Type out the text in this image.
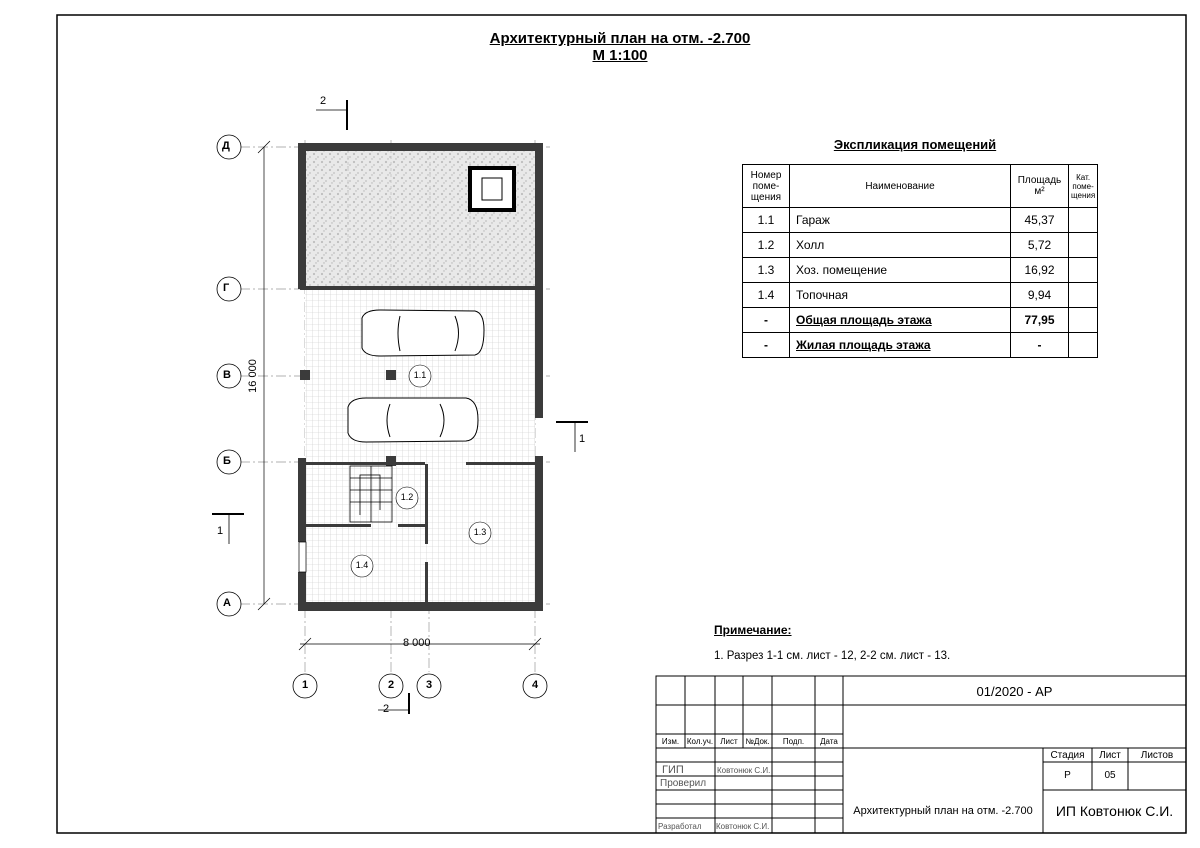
Архитектурный план на отм. -2.700
М 1:100
Д
Г
В
Б
А
1	2	3	4
8 000
16 000	1.1
1.2
1.3
1.4
2
2
1
1
Экспликация помещений
Номер поме-щения	Наименование	Площадь м²	Кат. поме-щения
1.1	Гараж	45,37	
1.2	Холл	5,72	
1.3	Хоз. помещение	16,92	
1.4	Топочная	9,94	
-	Общая площадь этажа	77,95	
-	Жилая площадь этажа	-	
Примечание:
1. Разрез 1-1 см. лист - 12, 2-2 см. лист - 13.
01/2020 - АР
Изм. Кол.уч. Лист №Док.	Подп.	Дата
ГИП	Ковтонюк С.И.
Проверил
Разработал Ковтонюк С.И.
Стадия	Лист	Листов
Р	05
Архитектурный план на отм. -2.700	ИП Ковтонюк С.И.
